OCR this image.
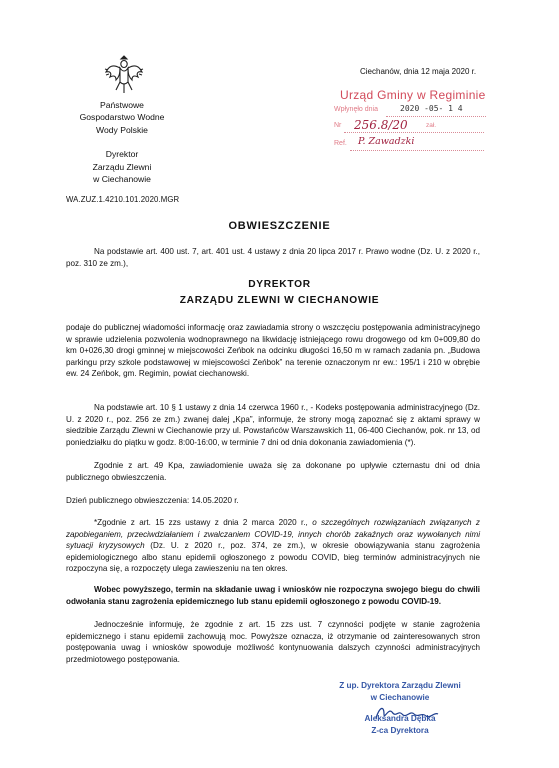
Państwowe
Gospodarstwo Wodne
Wody Polskie
Dyrektor
Zarządu Zlewni
w Ciechanowie
WA.ZUZ.1.4210.101.2020.MGR
Ciechanów, dnia 12 maja 2020 r.
Urząd Gminy w Regiminie
Wpłynęło dnia	2020 -05- 1 4
Nr 256.8/20	zał.
Ref. P. Zawadzki
OBWIESZCZENIE
Na podstawie art. 400 ust. 7, art. 401 ust. 4 ustawy z dnia 20 lipca 2017 r. Prawo wodne (Dz. U. z 2020 r., poz. 310 ze zm.),
DYREKTOR
ZARZĄDU ZLEWNI W CIECHANOWIE
podaje do publicznej wiadomości informację oraz zawiadamia strony o wszczęciu postępowania administracyjnego w sprawie udzielenia pozwolenia wodnoprawnego na likwidację istniejącego rowu drogowego od km 0+009,80 do km 0+026,30 drogi gminnej w miejscowości Zeńbok na odcinku długości 16,50 m w ramach zadania pn. „Budowa parkingu przy szkole podstawowej w miejscowości Zeńbok” na terenie oznaczonym nr ew.: 195/1 i 210 w obrębie ew. 24 Zeńbok, gm. Regimin, powiat ciechanowski.
Na podstawie art. 10 § 1 ustawy z dnia 14 czerwca 1960 r., - Kodeks postępowania administracyjnego (Dz. U. z 2020 r., poz. 256 ze zm.) zwanej dalej „Kpa”, informuje, że strony mogą zapoznać się z aktami sprawy w siedzibie Zarządu Zlewni w Ciechanowie przy ul. Powstańców Warszawskich 11, 06-400 Ciechanów, pok. nr 13, od poniedziałku do piątku w godz. 8:00-16:00, w terminie 7 dni od dnia dokonania zawiadomienia (*).
Zgodnie z art. 49 Kpa, zawiadomienie uważa się za dokonane po upływie czternastu dni od dnia publicznego obwieszczenia.
Dzień publicznego obwieszczenia: 14.05.2020 r.
*Zgodnie z art. 15 zzs ustawy z dnia 2 marca 2020 r., o szczególnych rozwiązaniach związanych z zapobieganiem, przeciwdziałaniem i zwalczaniem COVID-19, innych chorób zakaźnych oraz wywołanych nimi sytuacji kryzysowych (Dz. U. z 2020 r., poz. 374, ze zm.), w okresie obowiązywania stanu zagrożenia epidemiologicznego albo stanu epidemii ogłoszonego z powodu COVID, bieg terminów administracyjnych nie rozpoczyna się, a rozpoczęty ulega zawieszeniu na ten okres.
Wobec powyższego, termin na składanie uwag i wniosków nie rozpoczyna swojego biegu do chwili odwołania stanu zagrożenia epidemicznego lub stanu epidemii ogłoszonego z powodu COVID-19.
Jednocześnie informuję, że zgodnie z art. 15 zzs ust. 7 czynności podjęte w stanie zagrożenia epidemicznego i stanu epidemii zachowują moc. Powyższe oznacza, iż otrzymanie od zainteresowanych stron postępowania uwag i wniosków spowoduje możliwość kontynuowania dalszych czynności administracyjnych przedmiotowego postępowania.
Z up. Dyrektora Zarządu Zlewni
w Ciechanowie
Aleksandra Dębka
Z-ca Dyrektora
